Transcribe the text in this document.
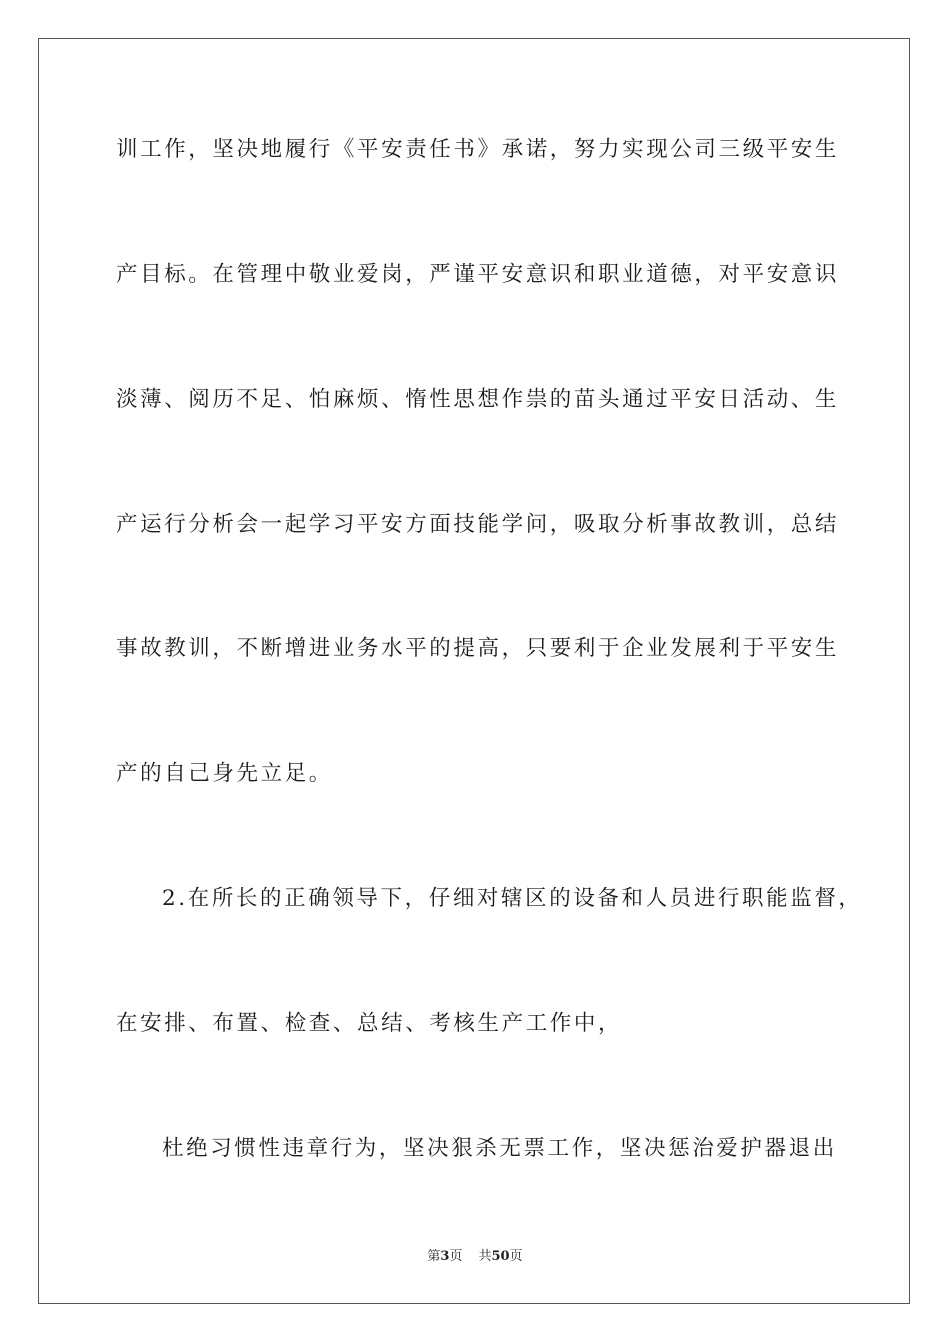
训工作，坚决地履行《平安责任书》承诺，努力实现公司三级平安生
产目标。在管理中敬业爱岗，严谨平安意识和职业道德，对平安意识
淡薄、阅历不足、怕麻烦、惰性思想作祟的苗头通过平安日活动、生
产运行分析会一起学习平安方面技能学问，吸取分析事故教训，总结
事故教训，不断增进业务水平的提高，只要利于企业发展利于平安生
产的自己身先立足。
2.在所长的正确领导下，仔细对辖区的设备和人员进行职能监督，
在安排、布置、检查、总结、考核生产工作中，
杜绝习惯性违章行为，坚决狠杀无票工作，坚决惩治爱护器退出
第3页 共50页
